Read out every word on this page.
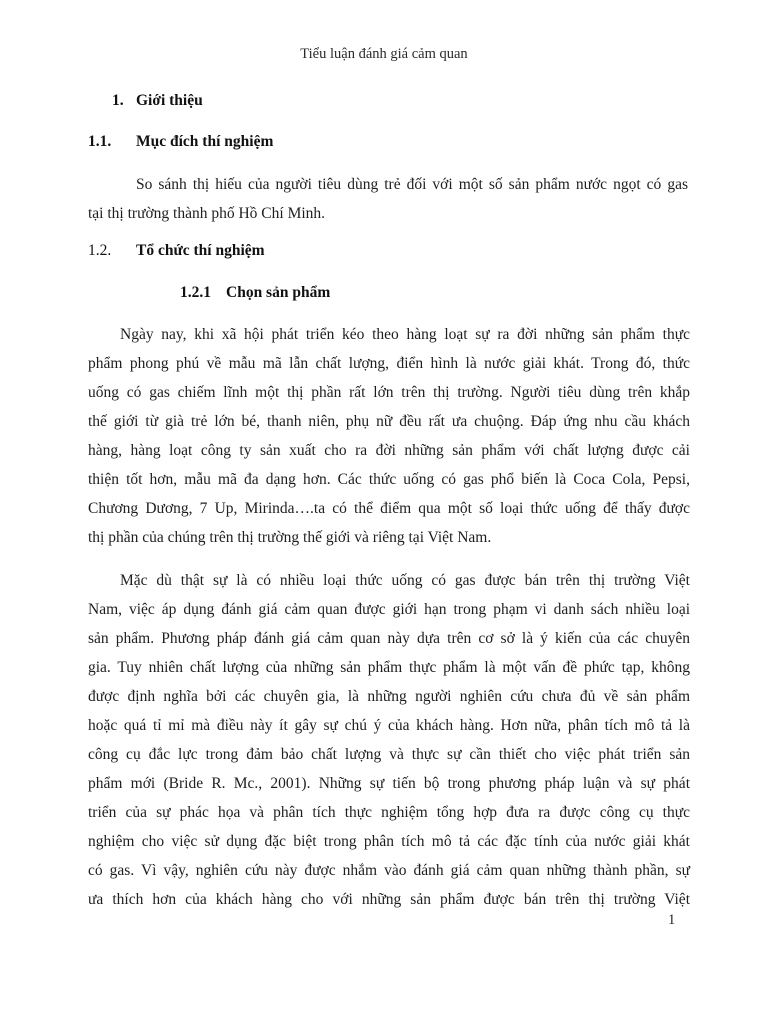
Tiểu luận đánh giá cảm quan
1. Giới thiệu
1.1. Mục đích thí nghiệm
So sánh thị hiếu của người tiêu dùng trẻ đối với một số sản phẩm nước ngọt có gas
tại thị trường thành phố Hồ Chí Minh.
1.2. Tổ chức thí nghiệm
1.2.1 Chọn sản phẩm
Ngày nay, khi xã hội phát triển kéo theo hàng loạt sự ra đời những sản phẩm thực
phẩm phong phú về mẫu mã lẫn chất lượng, điển hình là nước giải khát. Trong đó, thức
uống có gas chiếm lĩnh một thị phần rất lớn trên thị trường. Người tiêu dùng trên khắp
thế giới từ già trẻ lớn bé, thanh niên, phụ nữ đều rất ưa chuộng. Đáp ứng nhu cầu khách
hàng, hàng loạt công ty sản xuất cho ra đời những sản phẩm với chất lượng được cải
thiện tốt hơn, mẫu mã đa dạng hơn. Các thức uống có gas phổ biến là Coca Cola, Pepsi,
Chương Dương, 7 Up, Mirinda….ta có thể điểm qua một số loại thức uống để thấy được
thị phần của chúng trên thị trường thế giới và riêng tại Việt Nam.
Mặc dù thật sự là có nhiều loại thức uống có gas được bán trên thị trường Việt
Nam, việc áp dụng đánh giá cảm quan được giới hạn trong phạm vi danh sách nhiều loại
sản phẩm. Phương pháp đánh giá cảm quan này dựa trên cơ sở là ý kiến của các chuyên
gia. Tuy nhiên chất lượng của những sản phẩm thực phẩm là một vấn đề phức tạp, không
được định nghĩa bởi các chuyên gia, là những người nghiên cứu chưa đủ về sản phẩm
hoặc quá tỉ mỉ mà điều này ít gây sự chú ý của khách hàng. Hơn nữa, phân tích mô tả là
công cụ đắc lực trong đảm bảo chất lượng và thực sự cần thiết cho việc phát triển sản
phẩm mới (Bride R. Mc., 2001). Những sự tiến bộ trong phương pháp luận và sự phát
triển của sự phác họa và phân tích thực nghiệm tổng hợp đưa ra được công cụ thực
nghiệm cho việc sử dụng đặc biệt trong phân tích mô tả các đặc tính của nước giải khát
có gas. Vì vậy, nghiên cứu này được nhắm vào đánh giá cảm quan những thành phần, sự
ưa thích hơn của khách hàng cho với những sản phẩm được bán trên thị trường Việt
1
